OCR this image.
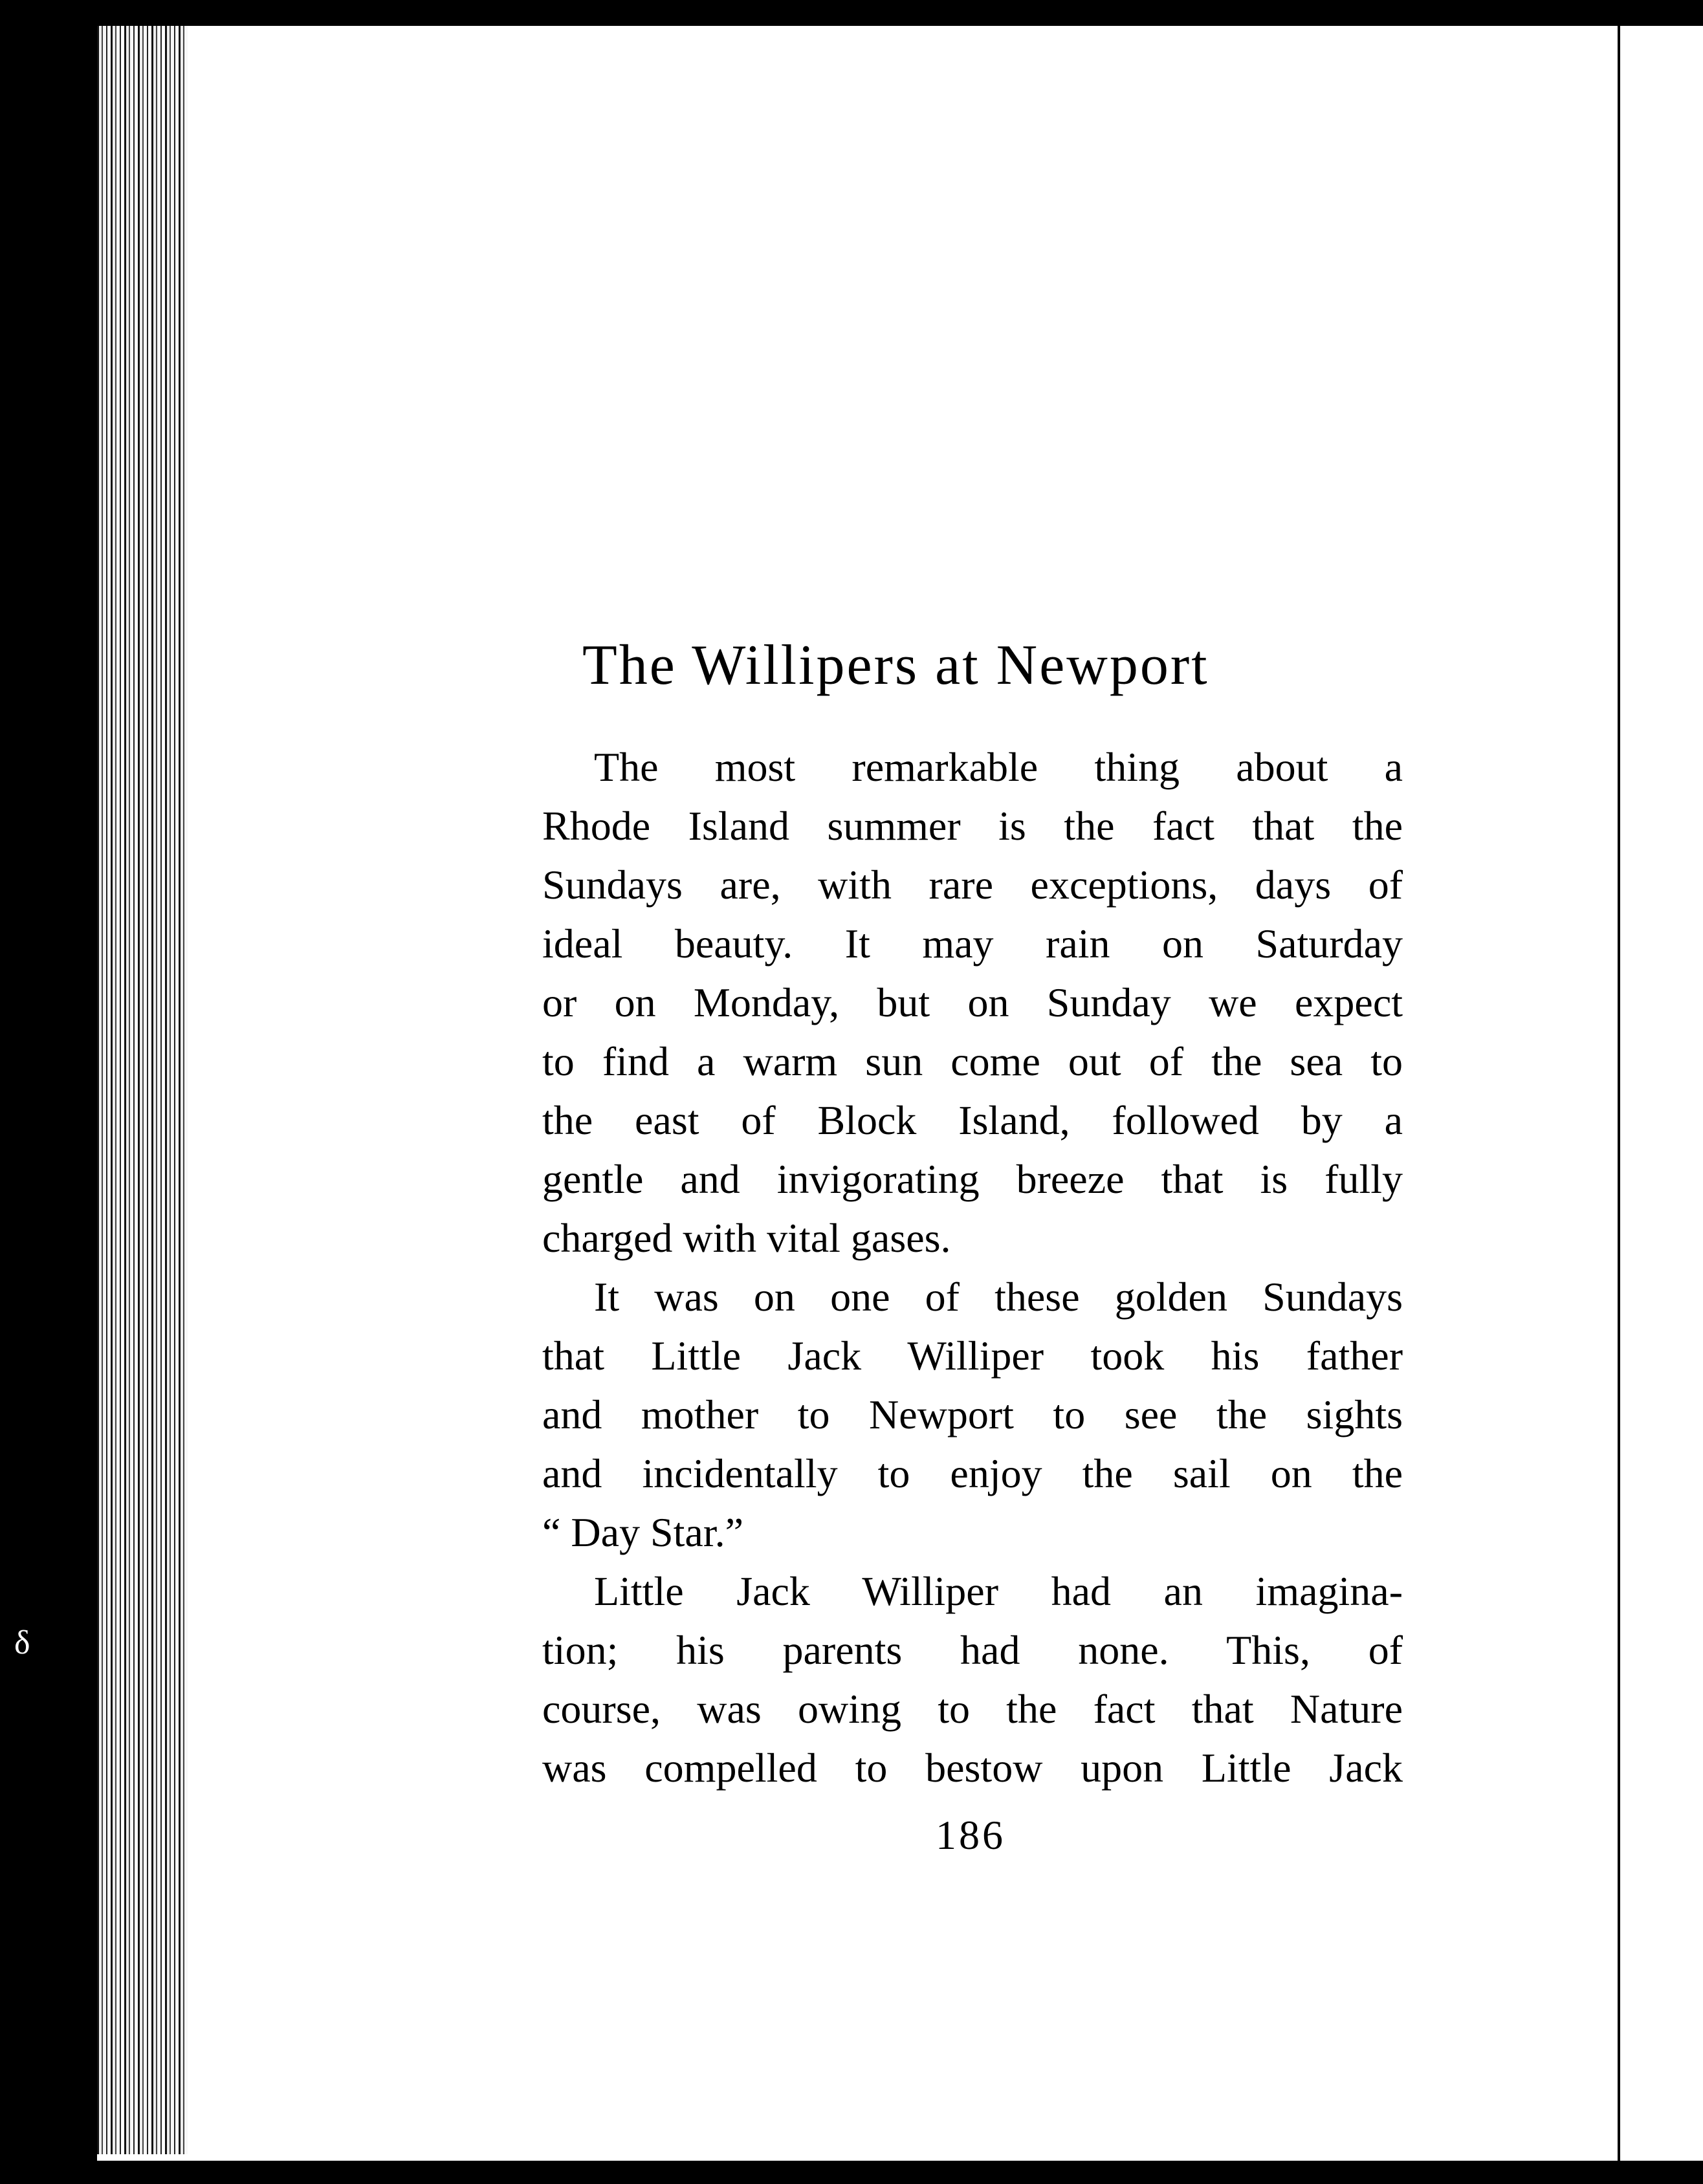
δ
The Willipers at Newport
The most remarkable thing about a
Rhode Island summer is the fact that the
Sundays are, with rare exceptions, days of
ideal beauty. It may rain on Saturday
or on Monday, but on Sunday we expect
to find a warm sun come out of the sea to
the east of Block Island, followed by a
gentle and invigorating breeze that is fully
charged with vital gases.
It was on one of these golden Sundays
that Little Jack Williper took his father
and mother to Newport to see the sights
and incidentally to enjoy the sail on the
“ Day Star.”
Little Jack Williper had an imagina-
tion; his parents had none. This, of
course, was owing to the fact that Nature
was compelled to bestow upon Little Jack
186
